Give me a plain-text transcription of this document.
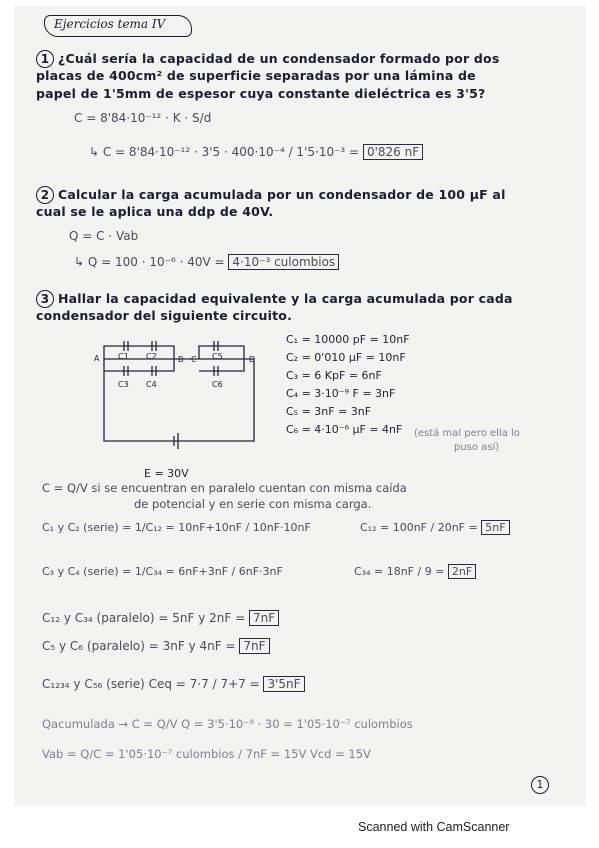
Ejercicios tema IV
1 ¿Cuál sería la capacidad de un condensador formado por dos
placas de 400cm² de superficie separadas por una lámina de
papel de 1'5mm de espesor cuya constante dieléctrica es 3'5?
C = 8'84·10⁻¹² · K · S/d
↳ C = 8'84·10⁻¹² · 3'5 · 400·10⁻⁴ / 1'5·10⁻³ = 0'826 nF
2 Calcular la carga acumulada por un condensador de 100 µF al
cual se le aplica una ddp de 40V.
Q = C · Vab
↳ Q = 100 · 10⁻⁶ · 40V = 4·10⁻³ culombios
3 Hallar la capacidad equivalente y la carga acumulada por cada
condensador del siguiente circuito.
A C1 C2	B C C5	D
C3 C4	C6
E = 30V
C₁ = 10000 pF = 10nF
C₂ = 0'010 µF = 10nF
C₃ = 6 KpF = 6nF
C₄ = 3·10⁻⁹ F = 3nF
C₅ = 3nF = 3nF
C₆ = 4·10⁻⁶ µF = 4nF	(está mal pero ella lo
puso así)
C = Q/V si se encuentran en paralelo cuentan con misma caída
de potencial y en serie con misma carga.
C₁ y C₂ (serie) = 1/C₁₂ = 10nF+10nF / 10nF·10nF	C₁₂ = 100nF / 20nF = 5nF
C₃ y C₄ (serie) = 1/C₃₄ = 6nF+3nF / 6nF·3nF	C₃₄ = 18nF / 9 = 2nF
C₁₂ y C₃₄ (paralelo) = 5nF y 2nF = 7nF
C₅ y C₆ (paralelo) = 3nF y 4nF = 7nF
C₁₂₃₄ y C₅₆ (serie) Ceq = 7·7 / 7+7 = 3'5nF
Qacumulada → C = Q/V Q = 3'5·10⁻⁹ · 30 = 1'05·10⁻⁷ culombios
Vab = Q/C = 1'05·10⁻⁷ culombios / 7nF = 15V Vcd = 15V
1
Scanned with CamScanner
